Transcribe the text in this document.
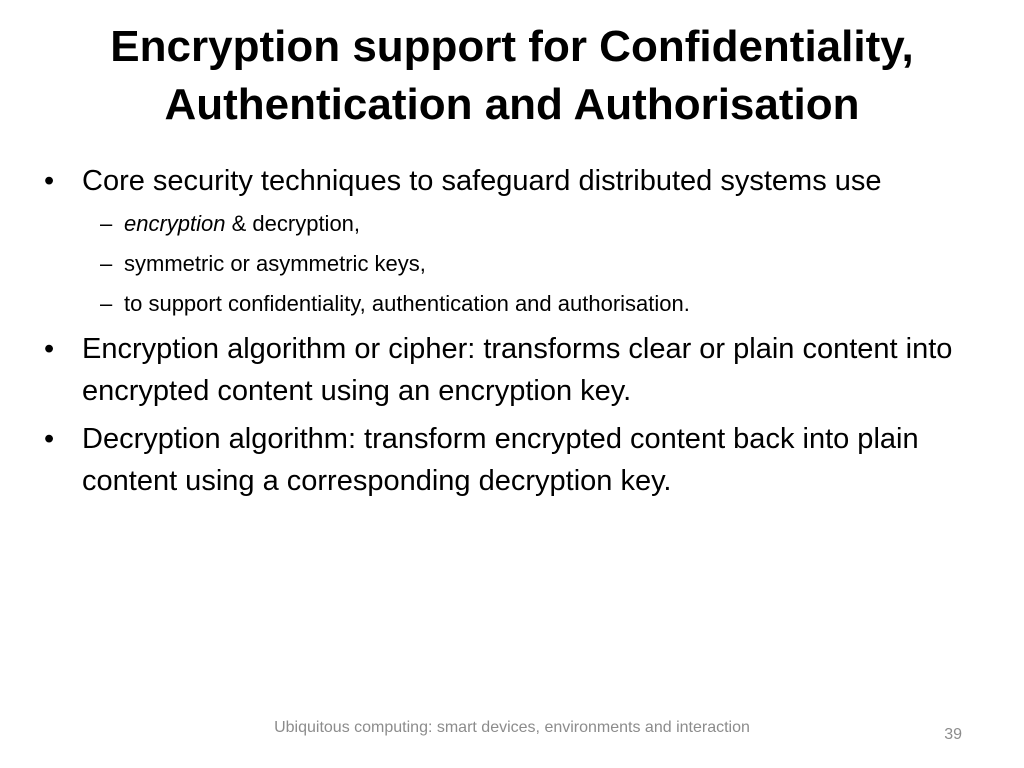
Encryption support for Confidentiality,
Authentication and Authorisation
• Core security techniques to safeguard distributed systems use
– encryption & decryption,
– symmetric or asymmetric keys,
– to support confidentiality, authentication and authorisation.
• Encryption algorithm or cipher: transforms clear or plain content into encrypted content using an encryption key.
• Decryption algorithm: transform encrypted content back into plain content using a corresponding decryption key.
Ubiquitous computing: smart devices, environments and interaction	39
